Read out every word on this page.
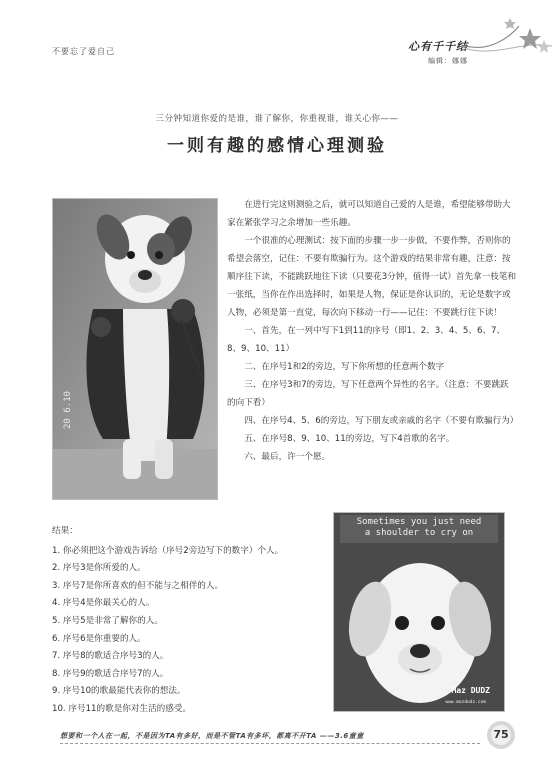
不要忘了爱自己	心有千千结
编辑：娜娜
三分钟知道你爱的是谁，谁了解你，你重视谁，谁关心你——
一则有趣的感情心理测验
20 6.10

在进行完这则测验之后，就可以知道自己爱的人是谁，希望能够带助大家在紧张学习之余增加一些乐趣。

一个很准的心理测试：按下面的步骤一步一步做，不要作弊，否则你的希望会落空，记住：不要有欺骗行为。这个游戏的结果非常有趣，注意：按顺序往下读，不能跳跃地往下读（只要花3分钟，值得一试）首先拿一枝笔和一张纸，当你在作出选择时，如果是人物，保证是你认识的，无论是数字或人物，必须是第一直觉，每次向下移动一行——记住：不要跳行往下读！

一、首先，在一列中写下1到11的序号（即1、2、3、4、5、6、7、8、9、10、11）

二、在序号1和2的旁边，写下你所想的任意两个数字

三、在序号3和7的旁边，写下任意两个异性的名字。（注意：不要跳跃的向下看）

四、在序号4、5、6的旁边，写下朋友或亲戚的名字（不要有欺骗行为）

五、在序号8、9、10、11的旁边，写下4首歌的名字。

六、最后，许一个愿。

结果：
1. 你必须把这个游戏告诉给（序号2旁边写下的数字）个人。
2. 序号3是你所爱的人。
3. 序号7是你所喜欢的但不能与之相伴的人。
4. 序号4是你最关心的人。
5. 序号5是非常了解你的人。
6. 序号6是你重要的人。
7. 序号8的歌适合序号3的人。
8. 序号9的歌适合序号7的人。
9. 序号10的歌最能代表你的想法。
10. 序号11的歌是你对生活的感受。
Sometimes you just need
a shoulder to cry on
Maz DUDZ
www.mazdudz.com
想要和一个人在一起，不是因为TA有多好，而是不管TA有多坏，都离不开TA ——3.6童童	75
